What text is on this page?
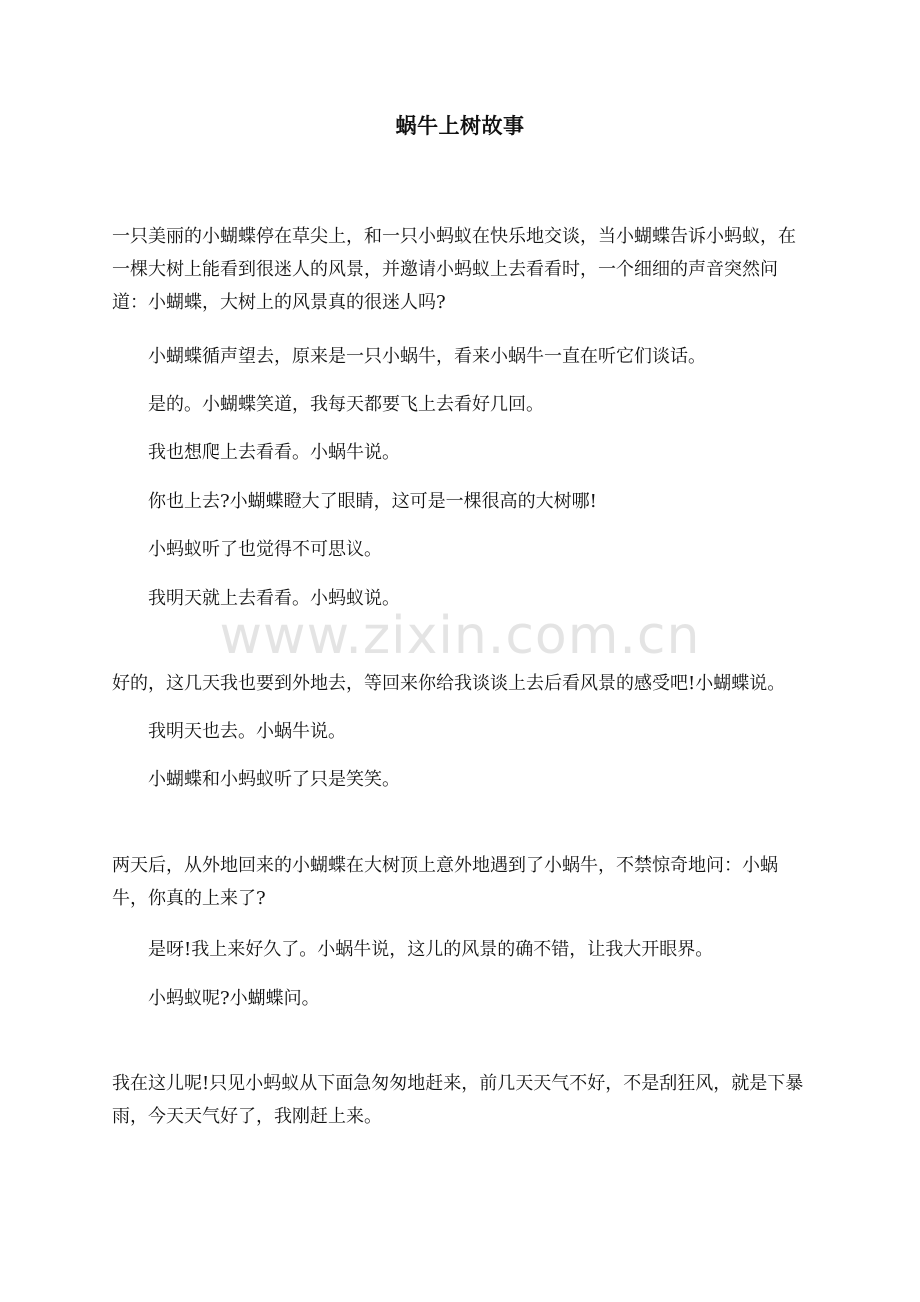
蜗牛上树故事

一只美丽的小蝴蝶停在草尖上，和一只小蚂蚁在快乐地交谈，当小蝴蝶告诉小蚂蚁，在一棵大树上能看到很迷人的风景，并邀请小蚂蚁上去看看时，一个细细的声音突然问道：小蝴蝶，大树上的风景真的很迷人吗?

小蝴蝶循声望去，原来是一只小蜗牛，看来小蜗牛一直在听它们谈话。

是的。小蝴蝶笑道，我每天都要飞上去看好几回。

我也想爬上去看看。小蜗牛说。

你也上去?小蝴蝶瞪大了眼睛，这可是一棵很高的大树哪!

小蚂蚁听了也觉得不可思议。

我明天就上去看看。小蚂蚁说。

好的，这几天我也要到外地去，等回来你给我谈谈上去后看风景的感受吧!小蝴蝶说。

我明天也去。小蜗牛说。

小蝴蝶和小蚂蚁听了只是笑笑。

两天后，从外地回来的小蝴蝶在大树顶上意外地遇到了小蜗牛，不禁惊奇地问：小蜗牛，你真的上来了?

是呀!我上来好久了。小蜗牛说，这儿的风景的确不错，让我大开眼界。

小蚂蚁呢?小蝴蝶问。

我在这儿呢!只见小蚂蚁从下面急匆匆地赶来，前几天天气不好，不是刮狂风，就是下暴雨，今天天气好了，我刚赶上来。

www.zixin.com.cn
